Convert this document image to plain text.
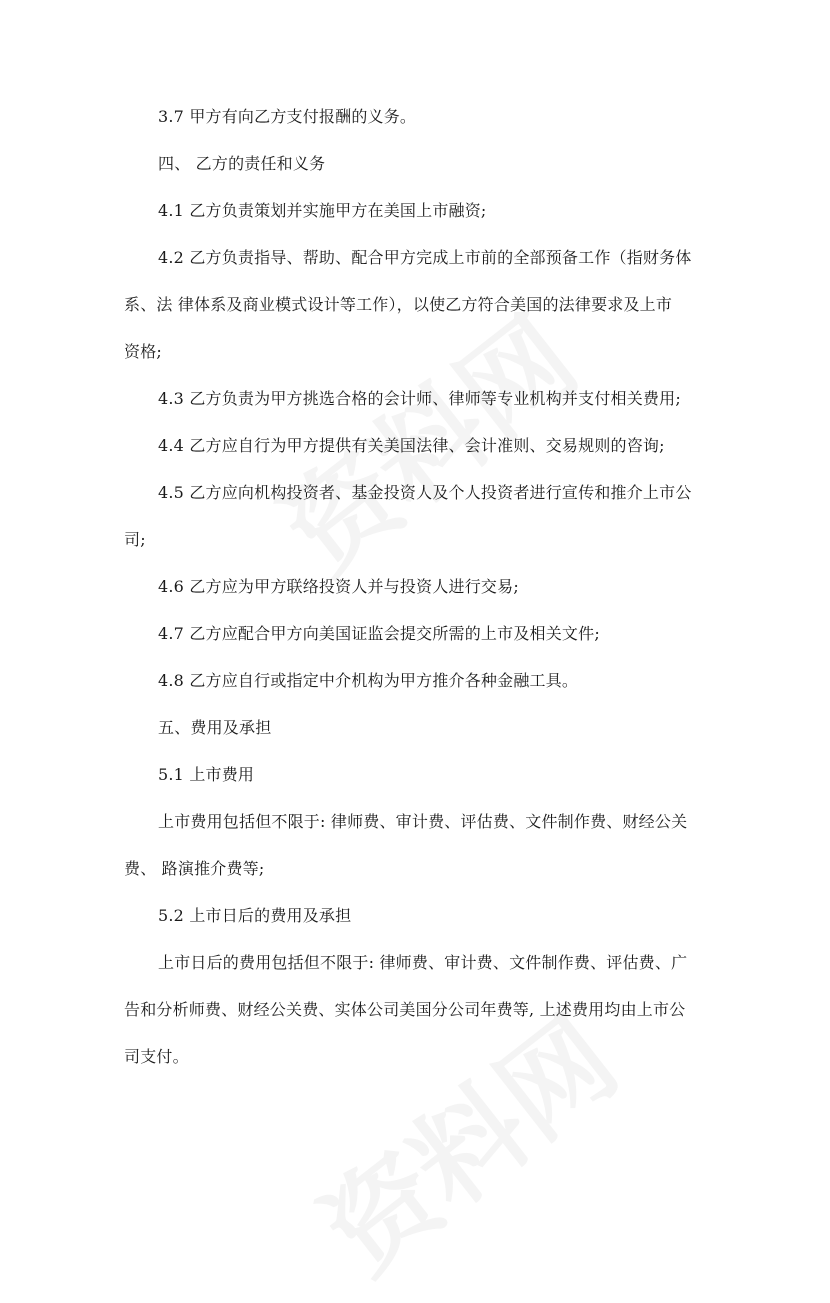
3.7 甲方有向乙方支付报酬的义务。
四、 乙方的责任和义务
4.1 乙方负责策划并实施甲方在美国上市融资;
4.2 乙方负责指导、帮助、配合甲方完成上市前的全部预备工作（指财务体
系、法 律体系及商业模式设计等工作），以使乙方符合美国的法律要求及上市
资格;
4.3 乙方负责为甲方挑选合格的会计师、律师等专业机构并支付相关费用;
4.4 乙方应自行为甲方提供有关美国法律、会计准则、交易规则的咨询;
4.5 乙方应向机构投资者、基金投资人及个人投资者进行宣传和推介上市公
司;
4.6 乙方应为甲方联络投资人并与投资人进行交易;
4.7 乙方应配合甲方向美国证监会提交所需的上市及相关文件;
4.8 乙方应自行或指定中介机构为甲方推介各种金融工具。
五、费用及承担
5.1 上市费用
上市费用包括但不限于: 律师费、审计费、评估费、文件制作费、财经公关
费、 路演推介费等;
5.2 上市日后的费用及承担
上市日后的费用包括但不限于: 律师费、审计费、文件制作费、评估费、广
告和分析师费、财经公关费、实体公司美国分公司年费等, 上述费用均由上市公
司支付。
